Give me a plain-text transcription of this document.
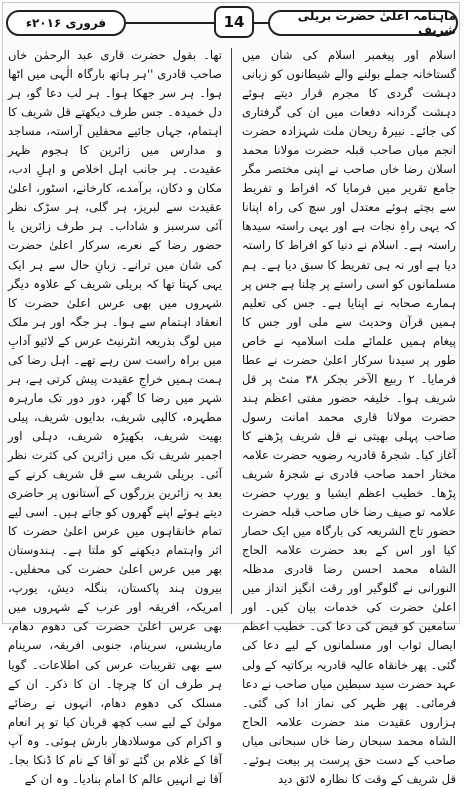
ماہنامہ اعلیٰ حضرت بریلی شریف
14
فروری ۲۰۱۶ء

اسلام اور پیغمبر اسلام کی شان میں گستاخانہ جملے بولنے والے شیطانوں کو زبانی دہشت گردی کا مجرم قرار دیتے ہوئے دہشت گردانہ دفعات میں ان کی گرفتاری کی جائے۔ نبیرۂ ریحان ملت شہزادہ حضرت انجم میاں صاحب قبلہ حضرت مولانا محمد اسلان رضا خاں صاحب نے اپنی مختصر مگر جامع تقریر میں فرمایا کہ افراط و تفریط سے بچتے ہوئے معتدل اور سچ کی راہ اپنانا کہ یہی راہِ نجات ہے اور یہی راستہ سیدھا راستہ ہے۔ اسلام نے دنیا کو افراط کا راستہ دیا ہے اور نہ ہی تفریط کا سبق دیا ہے۔ ہم مسلمانوں کو اسی راستے پر چلنا ہے جس پر ہمارے صحابہ نے اپنایا ہے۔ جس کی تعلیم ہمیں قرآن وحدیث سے ملی اور جس کا پیغام ہمیں علمائے ملت اسلامیہ نے خاص طور پر سیدنا سرکار اعلیٰ حضرت نے عطا فرمایا۔ ۲ ربیع الآخر بجکر ۳۸ منٹ پر قل شریف ہوا۔ خلیفہ حضور مفتی اعظم ہند حضرت مولانا قاری محمد امانت رسول صاحب پہلی بھیتی نے قل شریف پڑھنے کا آغاز کیا۔ شجرۂ قادریہ رضویہ حضرت علامہ مختار احمد صاحب قادری نے شجرۂ شریف پڑھا۔ خطیب اعظم ایشیا و یورپ حضرت علامہ تو صیف رضا خاں صاحب قبلہ حضرت حضور تاج الشریعہ کی بارگاہ میں ایک حصار کیا اور اس کے بعد حضرت علامہ الحاج الشاہ محمد احسن رضا قادری مدظلہ النورانی نے گلوگیر اور رقت انگیز انداز میں اعلیٰ حضرت کی خدمات بیان کیں۔ اور سامعین کو فیض کی دعا کی۔ خطیب اعظم ایصال ثواب اور مسلمانوں کے لیے دعا کی گئی۔ پھر خانقاہ عالیہ قادریہ برکاتیہ کے ولی عہد حضرت سید سبطین میاں صاحب نے دعا فرمائی۔ پھر ظہر کی نماز ادا کی گئی۔ ہزاروں عقیدت مند حضرت علامہ الحاج الشاہ محمد سبحان رضا خاں سبحانی میاں صاحب کے دست حق پرست پر بیعت ہوئے۔ قل شریف کے وقت کا نظارہ لائق دید

تھا۔ بقول حضرت قاری عبد الرحمٰن خاں صاحب قادری ''ہر ہاتھ بارگاہ الٰہی میں اٹھا ہوا۔ ہر سر جھکا ہوا۔ ہر لب دعا گو، ہر دل خمیدہ۔ جس طرف دیکھتے قل شریف کا اہتمام، جہاں جائیے محفلیں آراستہ، مساجد و مدارس میں زائرین کا ہجوم ظہر عقیدت۔ ہر جانب اہل اخلاص و اہلِ ادب، مکان و دکان، برآمدے، کارخانے، اسٹور، اعلیٰ عقیدت سے لبریز، ہر گلی، ہر سڑک نظر آئی سرسبز و شاداب۔ ہر طرف زائرین یا حضور رضا کے نعرے، سرکار اعلیٰ حضرت کی شان میں ترانے۔ زبانِ حال سے ہر ایک یہی کہتا تھا کہ بریلی شریف کے علاوہ دیگر شہروں میں بھی عرس اعلیٰ حضرت کا انعقاد اہتمام سے ہوا۔ ہر جگہ اور ہر ملک میں لوگ بذریعہ انٹرنیٹ عرس کے لائیو آدابِ میں براہ راست سن رہے تھے۔ اہل رضا کی ہمت ہمیں خراجِ عقیدت پیش کرتی ہے، ہر شہر میں رضا کا گھر، دور دور تک مارہرہ مطہرہ، کالپی شریف، بدایوں شریف، پیلی بھیت شریف، بکھیڑہ شریف، دہلی اور اجمیر شریف تک میں زائرین کی کثرت نظر آئی۔ بریلی شریف سے قل شریف کرنے کے بعد بہ زائرین بزرگوں کے آستانوں پر حاضری دیتے ہوئے اپنے گھروں کو جاتے ہیں۔ اسی لیے تمام خانقاہوں میں عرس اعلیٰ حضرت کا اثر واہتمام دیکھنے کو ملتا ہے۔ ہندوستان بھر میں عرس اعلیٰ حضرت کی محفلیں۔ بیرون ہند پاکستان، بنگلہ دیش، یورپ، امریکہ، افریقہ اور عرب کے شہروں میں بھی عرس اعلیٰ حضرت کی دھوم دھام، ماریشس، سرینام، جنوبی افریقہ، سرینام سے بھی تقریبات عرس کی اطلاعات۔ گویا ہر طرف ان کا چرچا۔ ان کا ذکر۔ ان کے مسلک کی دھوم دھام، انہوں نے رضائے مولیٰ کے لیے سب کچھ قربان کیا تو پر انعام و اکرام کی موسلادھار بارش ہوئی۔ وہ آپ آقا کے غلام بن گئے تو آقا کے نام کا ڈنکا بجا۔ آقا نے انہیں عالم کا امام بنادیا۔ وہ ان کے
